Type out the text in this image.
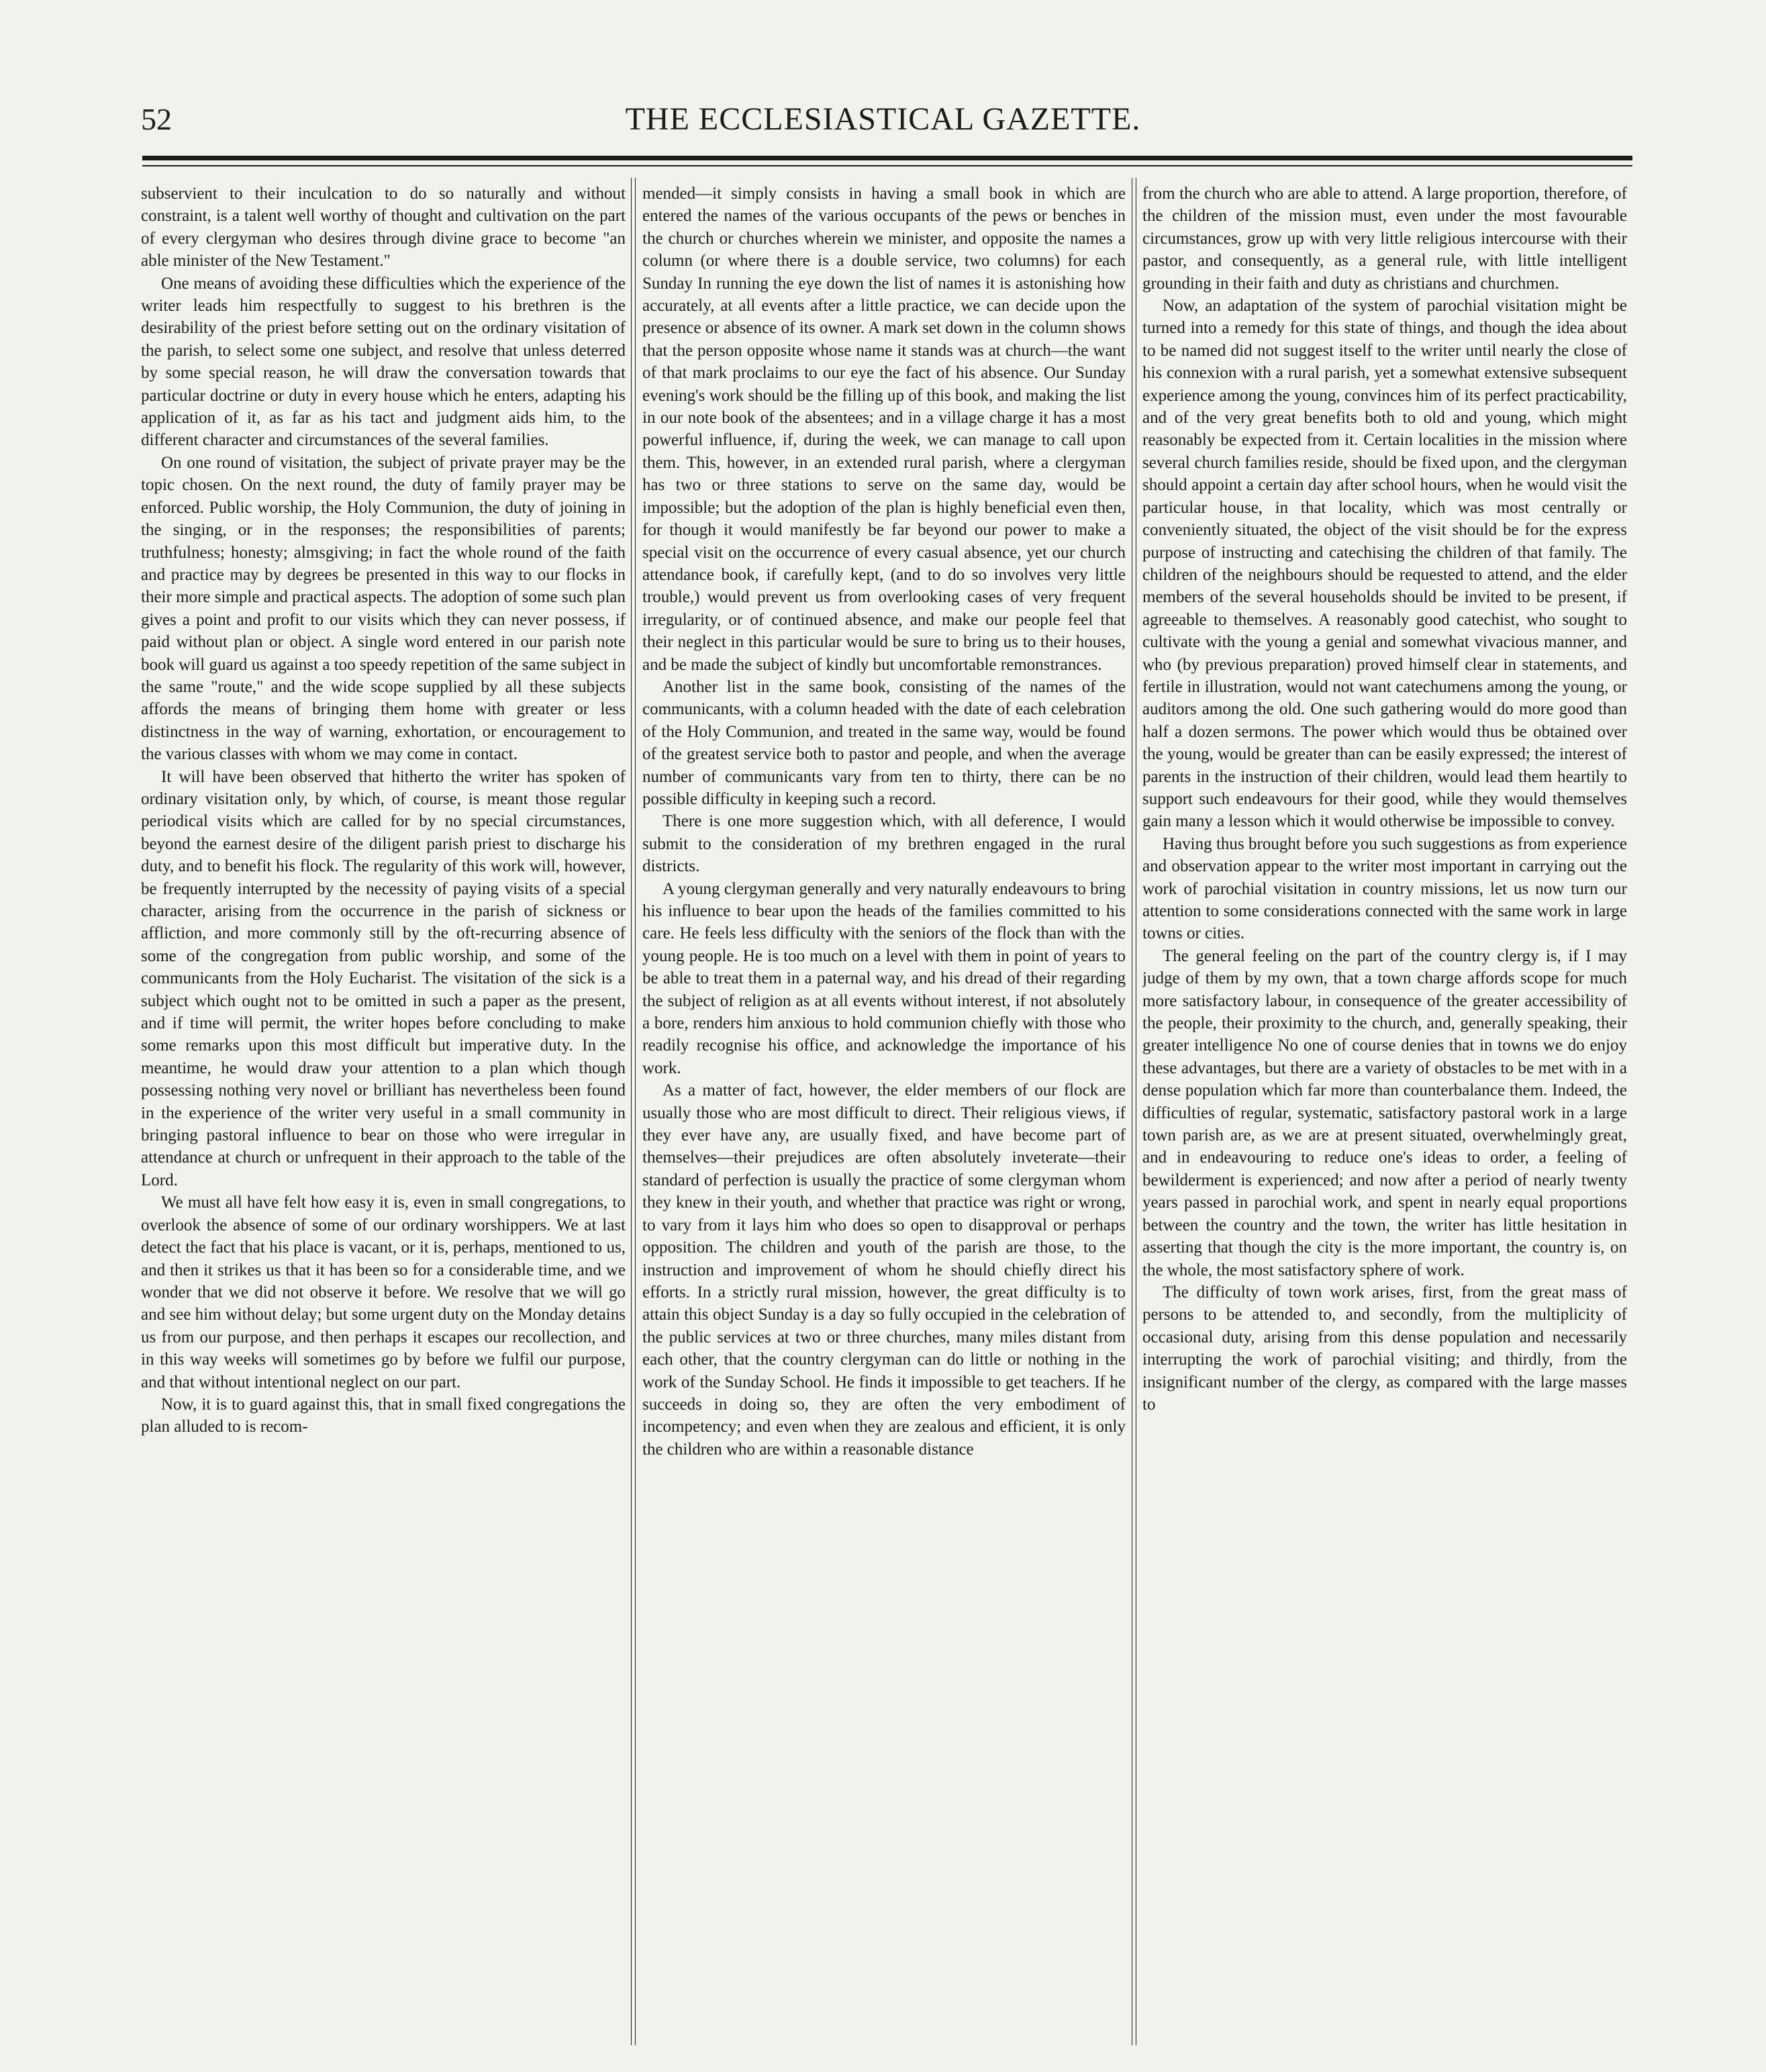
52	THE ECCLESIASTICAL GAZETTE.

subservient to their inculcation to do so naturally and without constraint, is a talent well worthy of thought and cultivation on the part of every clergyman who desires through divine grace to become "an able minister of the New Testament."

One means of avoiding these difficulties which the experience of the writer leads him respectfully to suggest to his brethren is the desirability of the priest before setting out on the ordinary visitation of the parish, to select some one subject, and resolve that unless deterred by some special reason, he will draw the conversation towards that particular doctrine or duty in every house which he enters, adapting his application of it, as far as his tact and judgment aids him, to the different character and circumstances of the several families.

On one round of visitation, the subject of private prayer may be the topic chosen. On the next round, the duty of family prayer may be enforced. Public worship, the Holy Communion, the duty of joining in the singing, or in the responses; the responsibilities of parents; truthfulness; honesty; almsgiving; in fact the whole round of the faith and practice may by degrees be presented in this way to our flocks in their more simple and practical aspects. The adoption of some such plan gives a point and profit to our visits which they can never possess, if paid without plan or object. A single word entered in our parish note book will guard us against a too speedy repetition of the same subject in the same "route," and the wide scope supplied by all these subjects affords the means of bringing them home with greater or less distinctness in the way of warning, exhortation, or encouragement to the various classes with whom we may come in contact.

It will have been observed that hitherto the writer has spoken of ordinary visitation only, by which, of course, is meant those regular periodical visits which are called for by no special circumstances, beyond the earnest desire of the diligent parish priest to discharge his duty, and to benefit his flock. The regularity of this work will, however, be frequently interrupted by the necessity of paying visits of a special character, arising from the occurrence in the parish of sickness or affliction, and more commonly still by the oft-recurring absence of some of the congregation from public worship, and some of the communicants from the Holy Eucharist. The visitation of the sick is a subject which ought not to be omitted in such a paper as the present, and if time will permit, the writer hopes before concluding to make some remarks upon this most difficult but imperative duty. In the meantime, he would draw your attention to a plan which though possessing nothing very novel or brilliant has nevertheless been found in the experience of the writer very useful in a small community in bringing pastoral influence to bear on those who were irregular in attendance at church or unfrequent in their approach to the table of the Lord.

We must all have felt how easy it is, even in small congregations, to overlook the absence of some of our ordinary worshippers. We at last detect the fact that his place is vacant, or it is, perhaps, mentioned to us, and then it strikes us that it has been so for a considerable time, and we wonder that we did not observe it before. We resolve that we will go and see him without delay; but some urgent duty on the Monday detains us from our purpose, and then perhaps it escapes our recollection, and in this way weeks will sometimes go by before we fulfil our purpose, and that without intentional neglect on our part.

Now, it is to guard against this, that in small fixed congregations the plan alluded to is recom-

mended—it simply consists in having a small book in which are entered the names of the various occupants of the pews or benches in the church or churches wherein we minister, and opposite the names a column (or where there is a double service, two columns) for each Sunday In running the eye down the list of names it is astonishing how accurately, at all events after a little practice, we can decide upon the presence or absence of its owner. A mark set down in the column shows that the person opposite whose name it stands was at church—the want of that mark proclaims to our eye the fact of his absence. Our Sunday evening's work should be the filling up of this book, and making the list in our note book of the absentees; and in a village charge it has a most powerful influence, if, during the week, we can manage to call upon them. This, however, in an extended rural parish, where a clergyman has two or three stations to serve on the same day, would be impossible; but the adoption of the plan is highly beneficial even then, for though it would manifestly be far beyond our power to make a special visit on the occurrence of every casual absence, yet our church attendance book, if carefully kept, (and to do so involves very little trouble,) would prevent us from overlooking cases of very frequent irregularity, or of continued absence, and make our people feel that their neglect in this particular would be sure to bring us to their houses, and be made the subject of kindly but uncomfortable remonstrances.

Another list in the same book, consisting of the names of the communicants, with a column headed with the date of each celebration of the Holy Communion, and treated in the same way, would be found of the greatest service both to pastor and people, and when the average number of communicants vary from ten to thirty, there can be no possible difficulty in keeping such a record.

There is one more suggestion which, with all deference, I would submit to the consideration of my brethren engaged in the rural districts.

A young clergyman generally and very naturally endeavours to bring his influence to bear upon the heads of the families committed to his care. He feels less difficulty with the seniors of the flock than with the young people. He is too much on a level with them in point of years to be able to treat them in a paternal way, and his dread of their regarding the subject of religion as at all events without interest, if not absolutely a bore, renders him anxious to hold communion chiefly with those who readily recognise his office, and acknowledge the importance of his work.

As a matter of fact, however, the elder members of our flock are usually those who are most difficult to direct. Their religious views, if they ever have any, are usually fixed, and have become part of themselves—their prejudices are often absolutely inveterate—their standard of perfection is usually the practice of some clergyman whom they knew in their youth, and whether that practice was right or wrong, to vary from it lays him who does so open to disapproval or perhaps opposition. The children and youth of the parish are those, to the instruction and improvement of whom he should chiefly direct his efforts. In a strictly rural mission, however, the great difficulty is to attain this object Sunday is a day so fully occupied in the celebration of the public services at two or three churches, many miles distant from each other, that the country clergyman can do little or nothing in the work of the Sunday School. He finds it impossible to get teachers. If he succeeds in doing so, they are often the very embodiment of incompetency; and even when they are zealous and efficient, it is only the children who are within a reasonable distance

from the church who are able to attend. A large proportion, therefore, of the children of the mission must, even under the most favourable circumstances, grow up with very little religious intercourse with their pastor, and consequently, as a general rule, with little intelligent grounding in their faith and duty as christians and churchmen.

Now, an adaptation of the system of parochial visitation might be turned into a remedy for this state of things, and though the idea about to be named did not suggest itself to the writer until nearly the close of his connexion with a rural parish, yet a somewhat extensive subsequent experience among the young, convinces him of its perfect practicability, and of the very great benefits both to old and young, which might reasonably be expected from it. Certain localities in the mission where several church families reside, should be fixed upon, and the clergyman should appoint a certain day after school hours, when he would visit the particular house, in that locality, which was most centrally or conveniently situated, the object of the visit should be for the express purpose of instructing and catechising the children of that family. The children of the neighbours should be requested to attend, and the elder members of the several households should be invited to be present, if agreeable to themselves. A reasonably good catechist, who sought to cultivate with the young a genial and somewhat vivacious manner, and who (by previous preparation) proved himself clear in statements, and fertile in illustration, would not want catechumens among the young, or auditors among the old. One such gathering would do more good than half a dozen sermons. The power which would thus be obtained over the young, would be greater than can be easily expressed; the interest of parents in the instruction of their children, would lead them heartily to support such endeavours for their good, while they would themselves gain many a lesson which it would otherwise be impossible to convey.

Having thus brought before you such suggestions as from experience and observation appear to the writer most important in carrying out the work of parochial visitation in country missions, let us now turn our attention to some considerations connected with the same work in large towns or cities.

The general feeling on the part of the country clergy is, if I may judge of them by my own, that a town charge affords scope for much more satisfactory labour, in consequence of the greater accessibility of the people, their proximity to the church, and, generally speaking, their greater intelligence No one of course denies that in towns we do enjoy these advantages, but there are a variety of obstacles to be met with in a dense population which far more than counterbalance them. Indeed, the difficulties of regular, systematic, satisfactory pastoral work in a large town parish are, as we are at present situated, overwhelmingly great, and in endeavouring to reduce one's ideas to order, a feeling of bewilderment is experienced; and now after a period of nearly twenty years passed in parochial work, and spent in nearly equal proportions between the country and the town, the writer has little hesitation in asserting that though the city is the more important, the country is, on the whole, the most satisfactory sphere of work.

The difficulty of town work arises, first, from the great mass of persons to be attended to, and secondly, from the multiplicity of occasional duty, arising from this dense population and necessarily interrupting the work of parochial visiting; and thirdly, from the insignificant number of the clergy, as compared with the large masses to
